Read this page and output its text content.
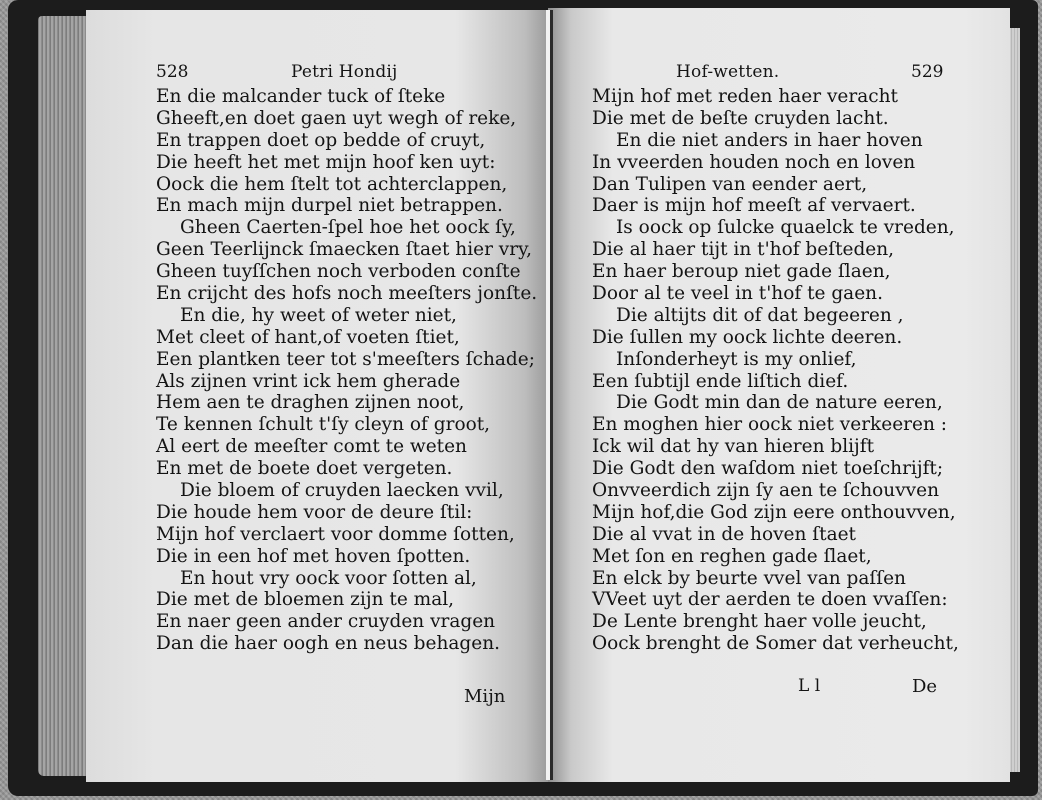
528	Petri Hondij
En die malcander tuck of ſteke
Gheeft,en doet gaen uyt wegh of reke,
En trappen doet op bedde of cruyt,
Die heeft het met mijn hoof ken uyt:
Oock die hem ſtelt tot achterclappen,
En mach mijn durpel niet betrappen.
Gheen Caerten-ſpel hoe het oock ſy,
Geen Teerlijnck ſmaecken ſtaet hier vry,
Gheen tuyſſchen noch verboden conſte
En crijcht des hofs noch meeſters jonſte.
En die, hy weet of weter niet,
Met cleet of hant,of voeten ſtiet,
Een plantken teer tot s'meeſters ſchade;
Als zijnen vrint ick hem gherade
Hem aen te draghen zijnen noot,
Te kennen ſchult t'ſy cleyn of groot,
Al eert de meeſter comt te weten
En met de boete doet vergeten.
Die bloem of cruyden laecken vvil,
Die houde hem voor de deure ſtil:
Mijn hof verclaert voor domme ſotten,
Die in een hof met hoven ſpotten.
En hout vry oock voor ſotten al,
Die met de bloemen zijn te mal,
En naer geen ander cruyden vragen
Dan die haer oogh en neus behagen.
Mijn
Hof-wetten.	529
Mijn hof met reden haer veracht
Die met de beſte cruyden lacht.
En die niet anders in haer hoven
In vveerden houden noch en loven
Dan Tulipen van eender aert,
Daer is mijn hof meeſt af vervaert.
Is oock op ſulcke quaelck te vreden,
Die al haer tijt in t'hof beſteden,
En haer beroup niet gade ſlaen,
Door al te veel in t'hof te gaen.
Die altijts dit of dat begeeren ,
Die ſullen my oock lichte deeren.
Inſonderheyt is my onlief,
Een ſubtijl ende liſtich dief.
Die Godt min dan de nature eeren,
En moghen hier oock niet verkeeren :
Ick wil dat hy van hieren blijft
Die Godt den waſdom niet toeſchrijft;
Onvveerdich zijn ſy aen te ſchouvven
Mijn hof,die God zijn eere onthouvven,
Die al vvat in de hoven ſtaet
Met ſon en reghen gade ſlaet,
En elck by beurte vvel van paſſen
VVeet uyt der aerden te doen vvaſſen:
De Lente brenght haer volle jeucht,
Oock brenght de Somer dat verheucht,
L l	De
